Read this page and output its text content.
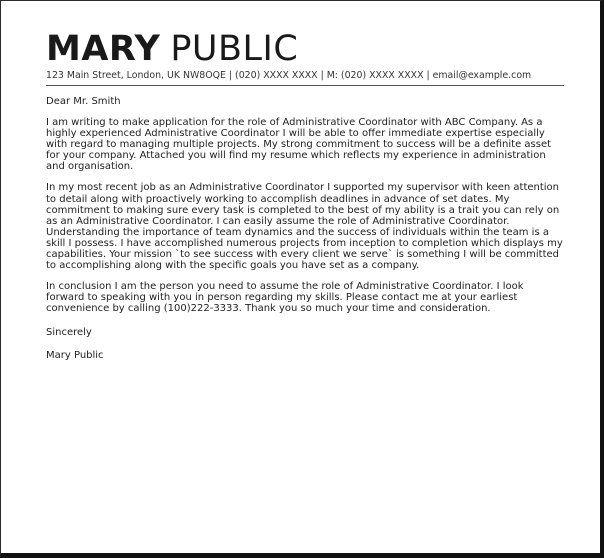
MARY PUBLIC
123 Main Street, London, UK NW8OQE | (020) XXXX XXXX | M: (020) XXXX XXXX | email@example.com
Dear Mr. Smith
I am writing to make application for the role of Administrative Coordinator with ABC Company. As a highly experienced Administrative Coordinator I will be able to offer immediate expertise especially with regard to managing multiple projects. My strong commitment to success will be a definite asset for your company. Attached you will find my resume which reflects my experience in administration and organisation.
In my most recent job as an Administrative Coordinator I supported my supervisor with keen attention to detail along with proactively working to accomplish deadlines in advance of set dates. My commitment to making sure every task is completed to the best of my ability is a trait you can rely on as an Administrative Coordinator. I can easily assume the role of Administrative Coordinator. Understanding the importance of team dynamics and the success of individuals within the team is a skill I possess. I have accomplished numerous projects from inception to completion which displays my capabilities. Your mission `to see success with every client we serve` is something I will be committed to accomplishing along with the specific goals you have set as a company.
In conclusion I am the person you need to assume the role of Administrative Coordinator. I look forward to speaking with you in person regarding my skills. Please contact me at your earliest convenience by calling (100)222-3333. Thank you so much your time and consideration.
Sincerely
Mary Public
